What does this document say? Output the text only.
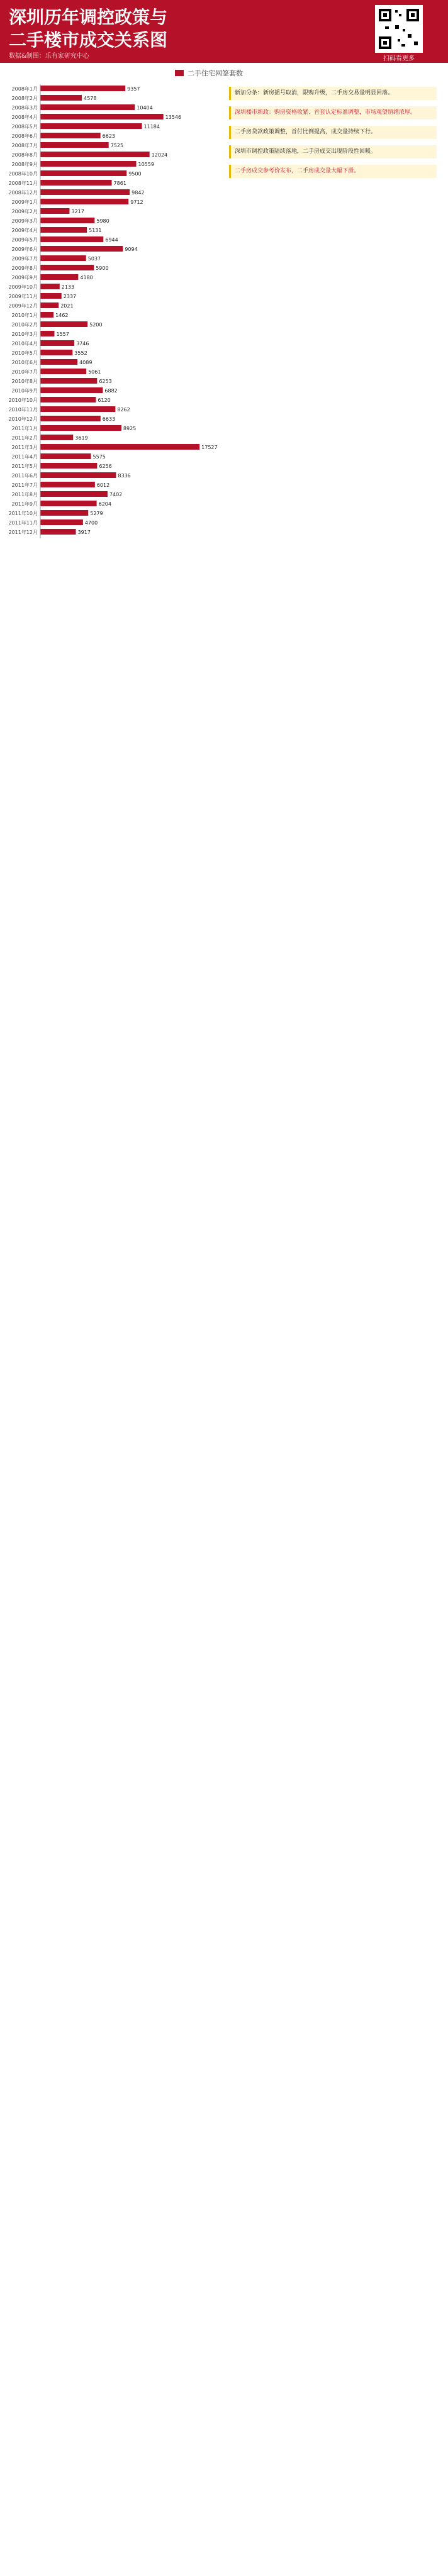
深圳历年调控政策与
二手楼市成交关系图
数据&制图：乐有家研究中心	扫码看更多
二手住宅网签套数
2008年1月	9357
2008年2月	4578
2008年3月	10404
2008年4月	13546
2008年5月	11184
2008年6月	6623
2008年7月	7525
2008年8月	12024
2008年9月	10559
2008年10月	9500
2008年11月	7861
2008年12月	9842
2009年1月	9712
2009年2月	3217
2009年3月	5980
2009年4月	5131
2009年5月	6944
2009年6月	9094
2009年7月	5037
2009年8月	5900
2009年9月	4180
2009年10月	2133
2009年11月	2337
2009年12月	2021
2010年1月	1462
2010年2月	5200
2010年3月	1557
2010年4月	3746
2010年5月	3552
2010年6月	4089
2010年7月	5061
2010年8月	6253
2010年9月	6882
2010年10月	6120
2010年11月	8262
2010年12月	6633
2011年1月	8925
2011年2月	3619
2011年3月	17527
2011年4月	5575
2011年5月	6256
2011年6月	8336
2011年7月	6012
2011年8月	7402
2011年9月	6204
2011年10月	5279
2011年11月	4700
2011年12月	3917
新加分条：新房摇号取消，限购升级，二手房交易量明显回落。
深圳楼市新政：购房资格收紧、首套认定标准调整，市场观望情绪浓厚。
二手房贷款政策调整，首付比例提高，成交量持续下行。
深圳市调控政策陆续落地，二手房成交出现阶段性回暖。
二手房成交参考价发布，二手房成交量大幅下滑。
